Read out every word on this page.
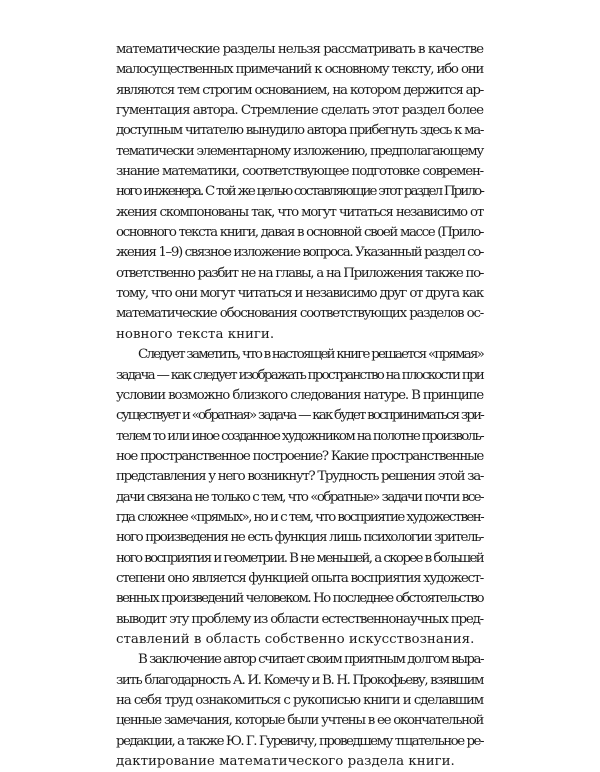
математические разделы нельзя рассматривать в качестве
малосущественных примечаний к основному тексту, ибо они
являются тем строгим основанием, на котором держится ар-
гументация автора. Стремление сделать этот раздел более
доступным читателю вынудило автора прибегнуть здесь к ма-
тематически элементарному изложению, предполагающему
знание математики, соответствующее подготовке современ-
ного инженера. С той же целью составляющие этот раздел Прило-
жения скомпонованы так, что могут читаться независимо от
основного текста книги, давая в основной своей массе (Прило-
жения 1–9) связное изложение вопроса. Указанный раздел со-
ответственно разбит не на главы, а на Приложения также по-
тому, что они могут читаться и независимо друг от друга как
математические обоснования соответствующих разделов ос-
новного текста книги.
Следует заметить, что в настоящей книге решается «прямая»
задача — как следует изображать пространство на плоскости при
условии возможно близкого следования натуре. В принципе
существует и «обратная» задача — как будет восприниматься зри-
телем то или иное созданное художником на полотне произволь-
ное пространственное построение? Какие пространственные
представления у него возникнут? Трудность решения этой за-
дачи связана не только с тем, что «обратные» задачи почти все-
гда сложнее «прямых», но и с тем, что восприятие художествен-
ного произведения не есть функция лишь психологии зритель-
ного восприятия и геометрии. В не меньшей, а скорее в большей
степени оно является функцией опыта восприятия художест-
венных произведений человеком. Но последнее обстоятельство
выводит эту проблему из области естественнонаучных пред-
ставлений в область собственно искусствознания.
В заключение автор считает своим приятным долгом выра-
зить благодарность А. И. Комечу и В. Н. Прокофьеву, взявшим
на себя труд ознакомиться с рукописью книги и сделавшим
ценные замечания, которые были учтены в ее окончательной
редакции, а также Ю. Г. Гуревичу, проведшему тщательное ре-
дактирование математического раздела книги.
